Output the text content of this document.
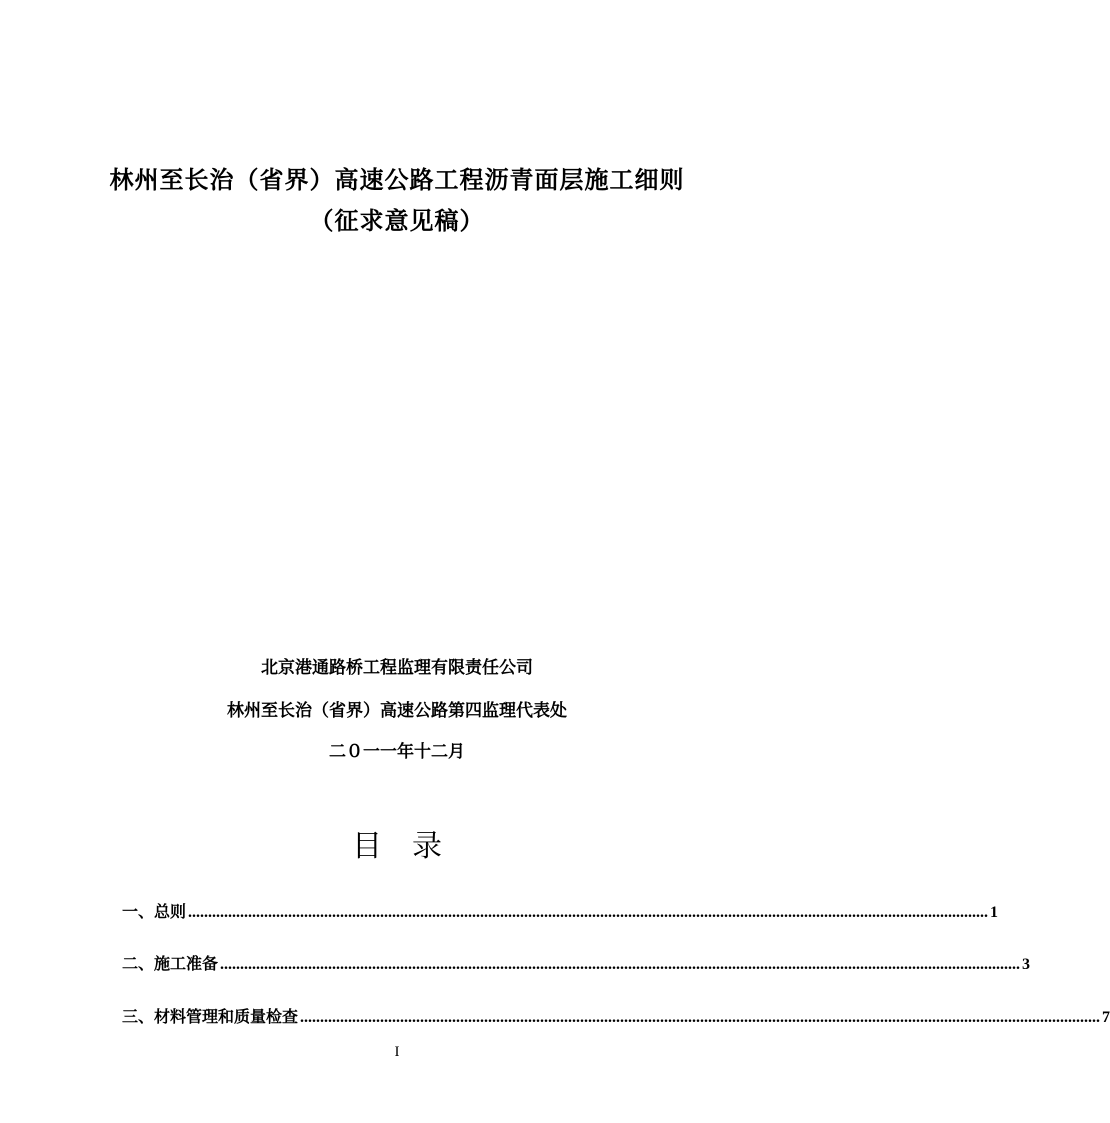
林州至长治（省界）高速公路工程沥青面层施工细则
（征求意见稿）
北京港通路桥工程监理有限责任公司
林州至长治（省界）高速公路第四监理代表处
二０一一年十二月
目录
一、总则 ........................................................................................................................................................................................................ 1
二、施工准备 ........................................................................................................................................................................................................ 3
三、材料管理和质量检查 ........................................................................................................................................................................................................ 7
I
